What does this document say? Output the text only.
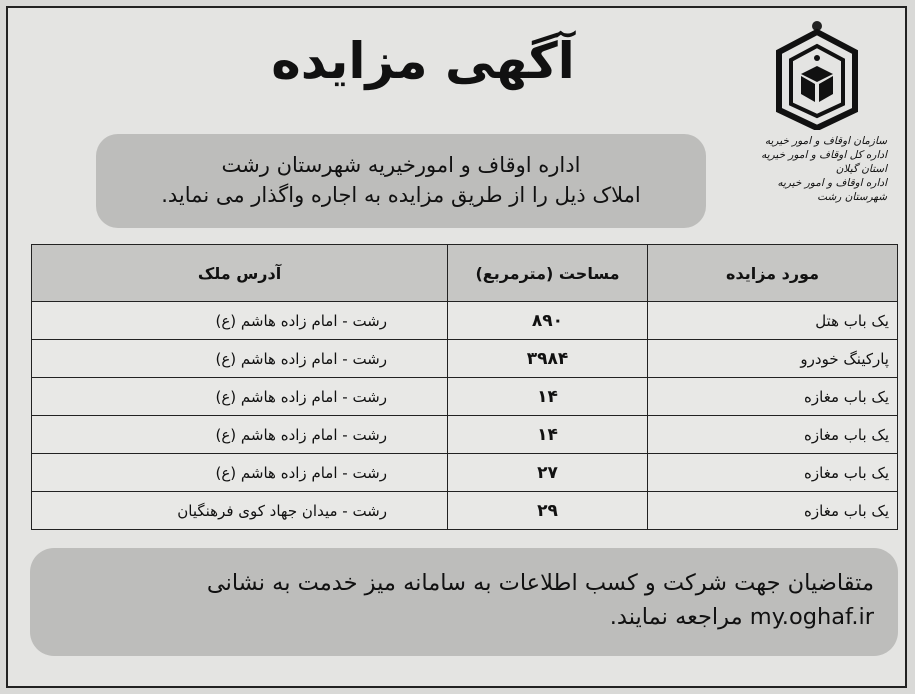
سازمان اوقاف و امور خیریه
اداره کل اوقاف و امور خیریه استان گیلان
اداره اوقاف و امور خیریه شهرستان رشت
آگهی مزایده
اداره اوقاف و امورخیریه شهرستان رشت
املاک ذیل را از طریق مزایده به اجاره واگذار می نماید.
مورد مزایده	مساحت (مترمربع)	آدرس ملک
یک باب هتل	۸۹۰	رشت - امام زاده هاشم (ع)
پارکینگ خودرو	۳۹۸۴	رشت - امام زاده هاشم (ع)
یک باب مغازه	۱۴	رشت - امام زاده هاشم (ع)
یک باب مغازه	۱۴	رشت - امام زاده هاشم (ع)
یک باب مغازه	۲۷	رشت - امام زاده هاشم (ع)
یک باب مغازه	۲۹	رشت - میدان جهاد کوی فرهنگیان
متقاضیان جهت شرکت و کسب اطلاعات به سامانه میز خدمت به نشانی
my.oghaf.ir مراجعه نمایند.
